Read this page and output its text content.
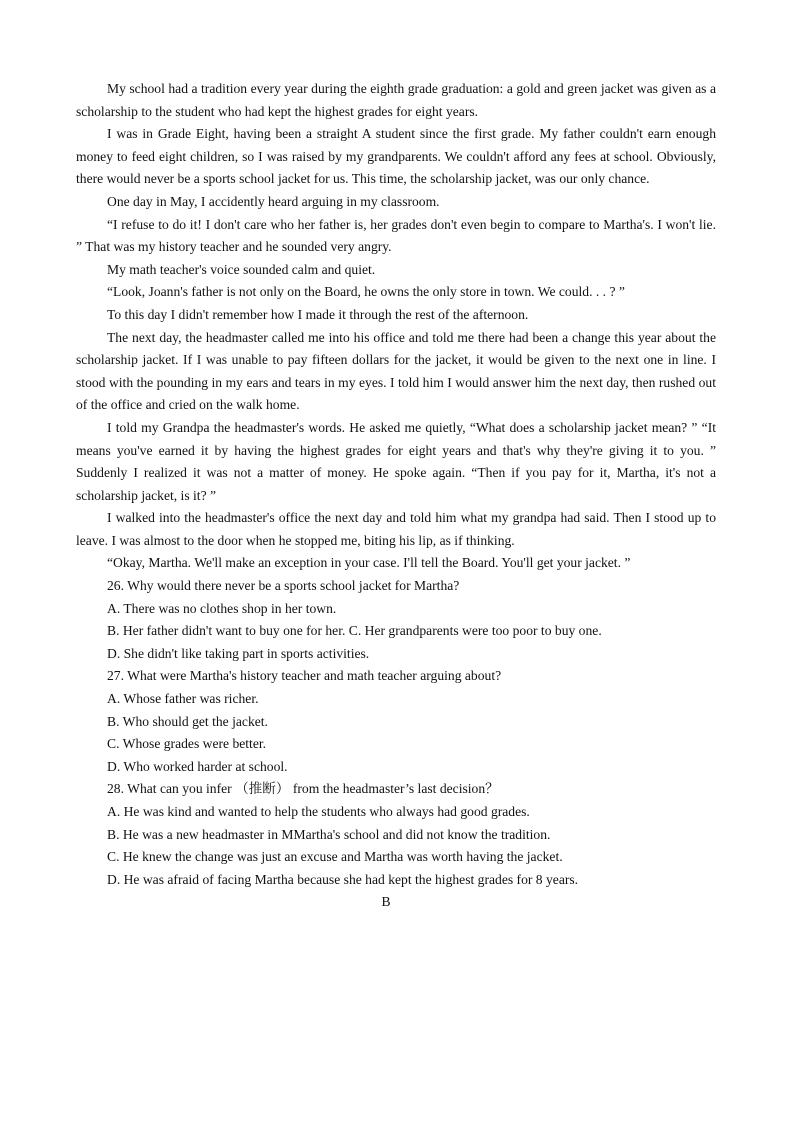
My school had a tradition every year during the eighth grade graduation: a gold and green jacket was given as a scholarship to the student who had kept the highest grades for eight years.

I was in Grade Eight, having been a straight A student since the first grade. My father couldn't earn enough money to feed eight children, so I was raised by my grandparents. We couldn't afford any fees at school. Obviously, there would never be a sports school jacket for us. This time, the scholarship jacket, was our only chance.

One day in May, I accidently heard arguing in my classroom.

“I refuse to do it! I don't care who her father is, her grades don't even begin to compare to Martha's. I won't lie. ” That was my history teacher and he sounded very angry.

My math teacher's voice sounded calm and quiet.

“Look, Joann's father is not only on the Board, he owns the only store in town. We could. . . ? ”

To this day I didn't remember how I made it through the rest of the afternoon.

The next day, the headmaster called me into his office and told me there had been a change this year about the scholarship jacket. If I was unable to pay fifteen dollars for the jacket, it would be given to the next one in line. I stood with the pounding in my ears and tears in my eyes. I told him I would answer him the next day, then rushed out of the office and cried on the walk home.

I told my Grandpa the headmaster's words. He asked me quietly, “What does a scholarship jacket mean? ” “It means you've earned it by having the highest grades for eight years and that's why they're giving it to you. ” Suddenly I realized it was not a matter of money. He spoke again. “Then if you pay for it, Martha, it's not a scholarship jacket, is it? ”

I walked into the headmaster's office the next day and told him what my grandpa had said. Then I stood up to leave. I was almost to the door when he stopped me, biting his lip, as if thinking.

“Okay, Martha. We'll make an exception in your case. I'll tell the Board. You'll get your jacket. ”

26. Why would there never be a sports school jacket for Martha?

A. There was no clothes shop in her town.

B. Her father didn't want to buy one for her. C. Her grandparents were too poor to buy one.

D. She didn't like taking part in sports activities.

27. What were Martha's history teacher and math teacher arguing about?

A. Whose father was richer.

B. Who should get the jacket.

C. Whose grades were better.

D. Who worked harder at school.

28. What can you infer （推断） from the headmaster’s last decision？

A. He was kind and wanted to help the students who always had good grades.

B. He was a new headmaster in MMartha's school and did not know the tradition.

C. He knew the change was just an excuse and Martha was worth having the jacket.

D. He was afraid of facing Martha because she had kept the highest grades for 8 years.

B
